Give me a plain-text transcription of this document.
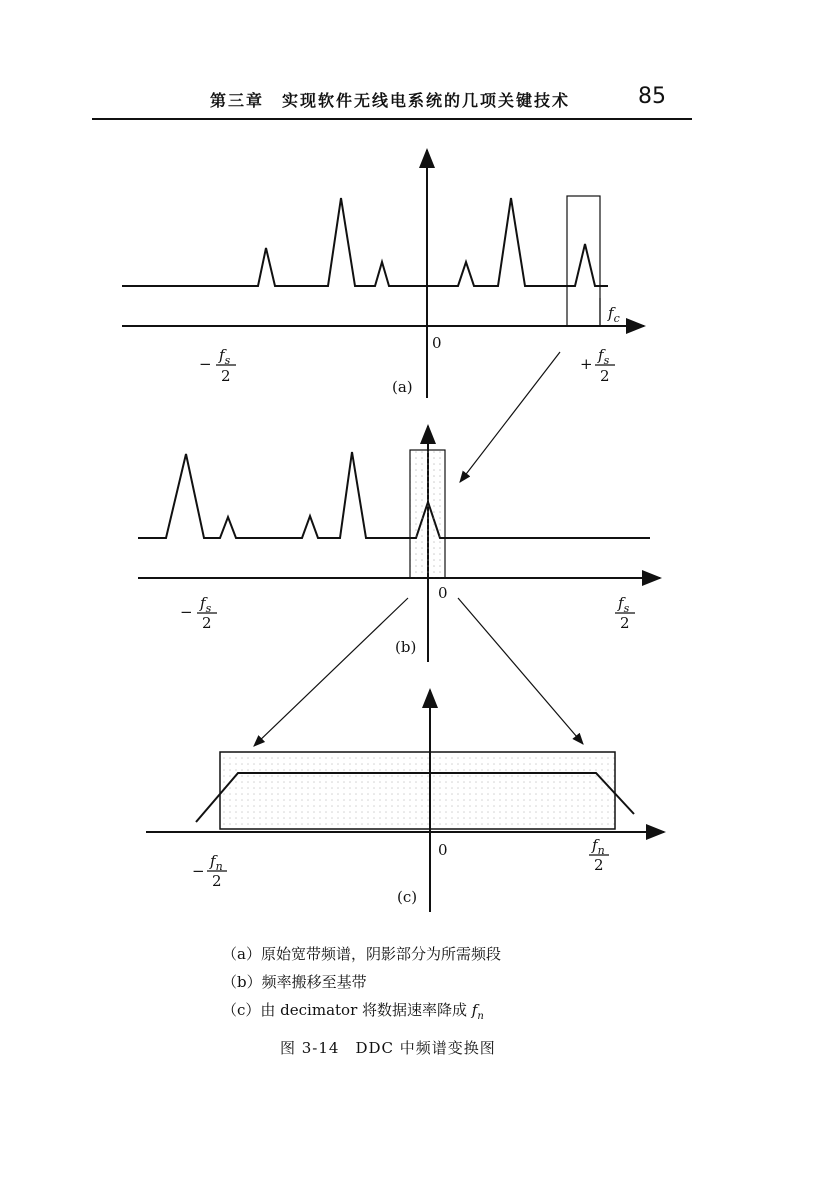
第三章　实现软件无线电系统的几项关键技术	85
0
$f_c$
− $f_s$
2
+ $f_s$
2
(a)
0
− $f_s$
2
$f_s$
2
(b)
0
−
$f_n$
2
$f_n$
2
(c)
（a）原始宽带频谱，阴影部分为所需频段
（b）频率搬移至基带
（c）由 decimator 将数据速率降成 $f_n$
图 3-14　DDC 中频谱变换图
